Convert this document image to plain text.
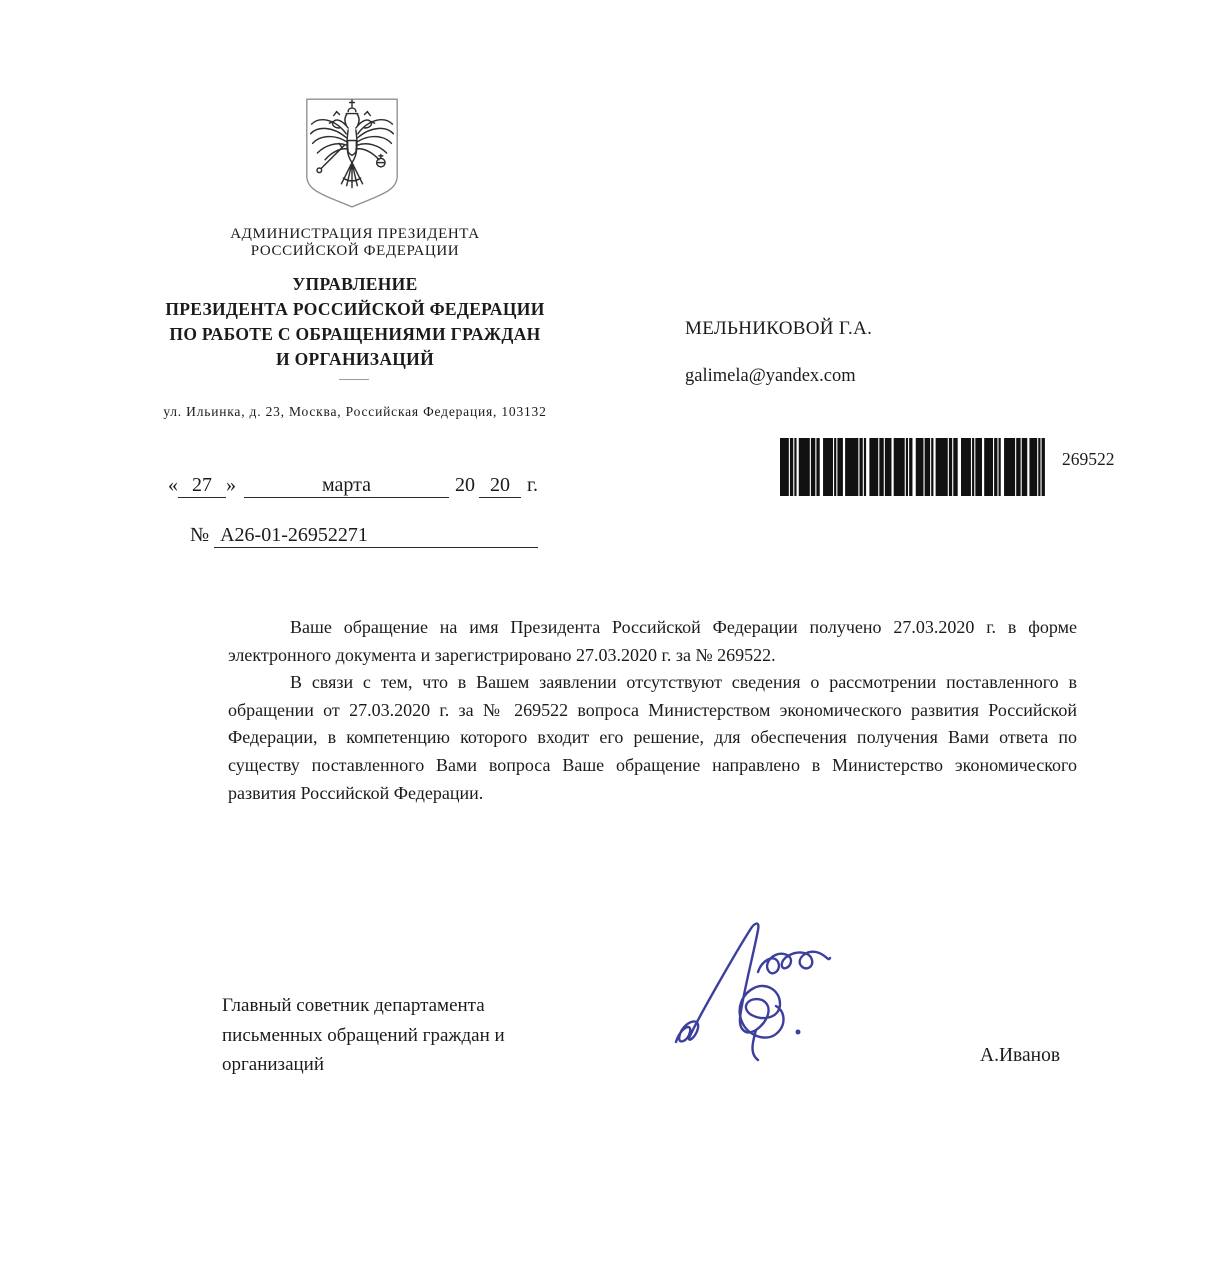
АДМИНИСТРАЦИЯ ПРЕЗИДЕНТА
РОССИЙСКОЙ ФЕДЕРАЦИИ
УПРАВЛЕНИЕ
ПРЕЗИДЕНТА РОССИЙСКОЙ ФЕДЕРАЦИИ
ПО РАБОТЕ С ОБРАЩЕНИЯМИ ГРАЖДАН
И ОРГАНИЗАЦИЙ
ул. Ильинка, д. 23, Москва, Российская Федерация, 103132
МЕЛЬНИКОВОЙ Г.А.
galimela@yandex.com
269522
« 27 »	марта	20 20 г.
№ А26-01-26952271

Ваше обращение на имя Президента Российской Федерации получено 27.03.2020 г. в форме электронного документа и зарегистрировано 27.03.2020 г. за № 269522.

В связи с тем, что в Вашем заявлении отсутствуют сведения о рассмотрении поставленного в обращении от 27.03.2020 г. за № 269522 вопроса Министерством экономического развития Российской Федерации, в компетенцию которого входит его решение, для обеспечения получения Вами ответа по существу поставленного Вами вопроса Ваше обращение направлено в Министерство экономического развития Российской Федерации.

Главный советник департамента
письменных обращений граждан и
организаций	А.Иванов
